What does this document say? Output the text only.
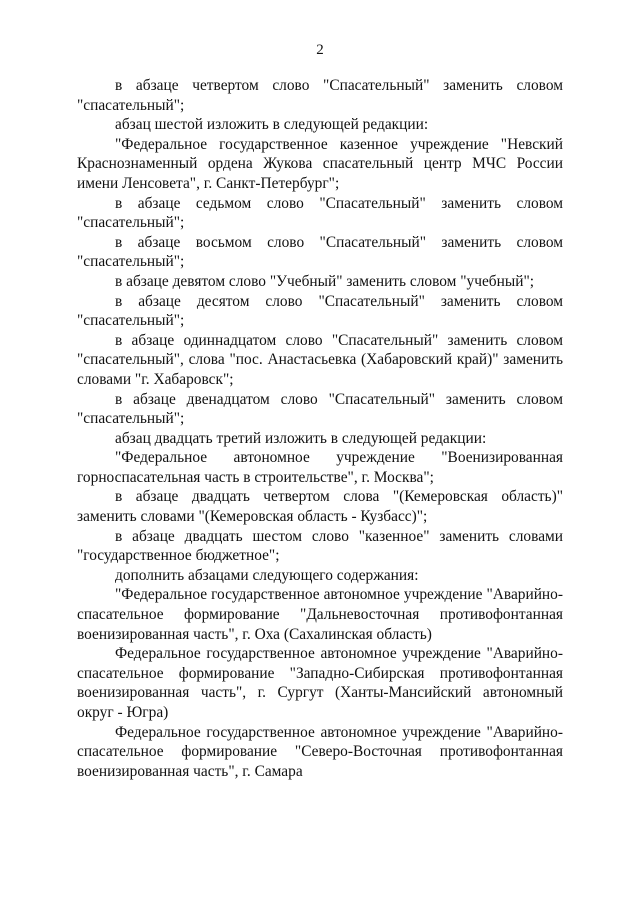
2

в абзаце четвертом слово "Спасательный" заменить словом "спасательный";

абзац шестой изложить в следующей редакции:

"Федеральное государственное казенное учреждение "Невский Краснознаменный ордена Жукова спасательный центр МЧС России имени Ленсовета", г. Санкт-Петербург";

в абзаце седьмом слово "Спасательный" заменить словом "спасательный";

в абзаце восьмом слово "Спасательный" заменить словом "спасательный";

в абзаце девятом слово "Учебный" заменить словом "учебный";

в абзаце десятом слово "Спасательный" заменить словом "спасательный";

в абзаце одиннадцатом слово "Спасательный" заменить словом "спасательный", слова "пос. Анастасьевка (Хабаровский край)" заменить словами "г. Хабаровск";

в абзаце двенадцатом слово "Спасательный" заменить словом "спасательный";

абзац двадцать третий изложить в следующей редакции:

"Федеральное автономное учреждение "Военизированная горноспасательная часть в строительстве", г. Москва";

в абзаце двадцать четвертом слова "(Кемеровская область)" заменить словами "(Кемеровская область - Кузбасс)";

в абзаце двадцать шестом слово "казенное" заменить словами "государственное бюджетное";

дополнить абзацами следующего содержания:

"Федеральное государственное автономное учреждение "Аварийно-спасательное формирование "Дальневосточная противофонтанная военизированная часть", г. Оха (Сахалинская область)

Федеральное государственное автономное учреждение "Аварийно-спасательное формирование "Западно-Сибирская противофонтанная военизированная часть", г. Сургут (Ханты-Мансийский автономный округ - Югра)

Федеральное государственное автономное учреждение "Аварийно-спасательное формирование "Северо-Восточная противофонтанная военизированная часть", г. Самара
